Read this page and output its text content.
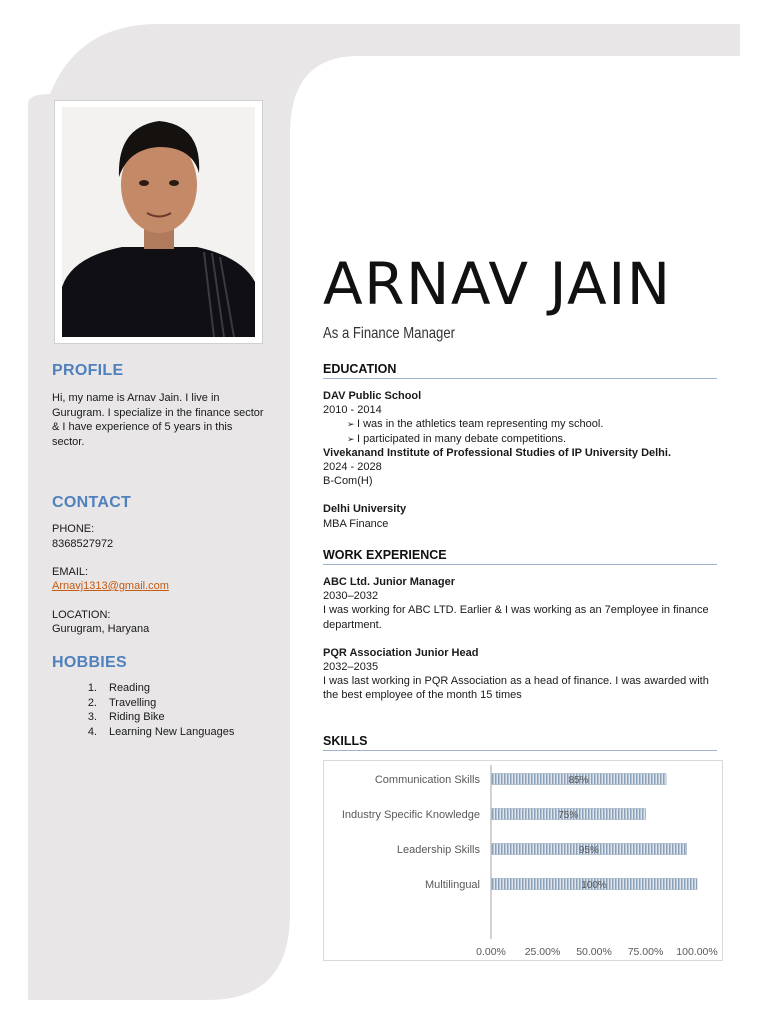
PROFILE
Hi, my name is Arnav Jain. I live in Gurugram. I specialize in the finance sector & I have experience of 5 years in this sector.
CONTACT
PHONE:
8368527972
EMAIL:
Arnavj1313@gmail.com
LOCATION:
Gurugram, Haryana
HOBBIES
1. Reading
2. Travelling
3. Riding Bike
4. Learning New Languages
ARNAV JAIN
As a Finance Manager
EDUCATION
DAV Public School
2010 - 2014
➢ I was in the athletics team representing my school.
➢ I participated in many debate competitions.
Vivekanand Institute of Professional Studies of IP University Delhi.
2024 - 2028
B-Com(H)
Delhi University
MBA Finance
WORK EXPERIENCE
ABC Ltd. Junior Manager
2030–2032
I was working for ABC LTD. Earlier & I was working as an 7employee in finance department.
PQR Association Junior Head
2032–2035
I was last working in PQR Association as a head of finance. I was awarded with the best employee of the month 15 times
SKILLS
Communication Skills	85%
Industry Specific Knowledge	75%
Leadership Skills	95%
Multilingual	100%
0.00% 25.00% 50.00% 75.00% 100.00%
